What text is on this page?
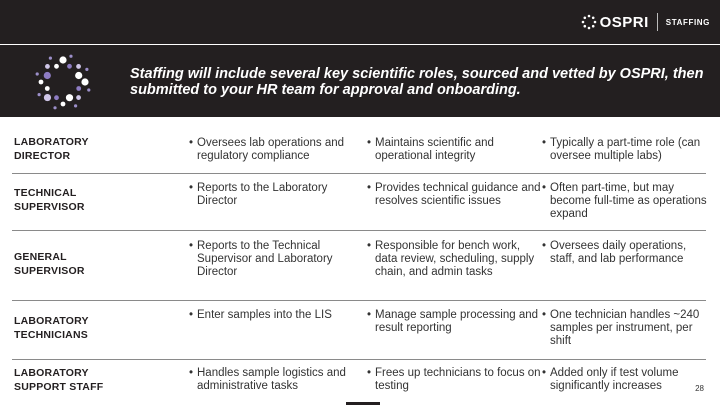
OSPRI STAFFING
Staffing will include several key scientific roles, sourced and vetted by OSPRI, then submitted to your HR team for approval and onboarding.
LABORATORY DIRECTOR
• Oversees lab operations and regulatory compliance
• Maintains scientific and operational integrity
• Typically a part-time role (can oversee multiple labs)
TECHNICAL SUPERVISOR
• Reports to the Laboratory Director
• Provides technical guidance and resolves scientific issues
• Often part-time, but may become full-time as operations expand
GENERAL SUPERVISOR
• Reports to the Technical Supervisor and Laboratory Director
• Responsible for bench work, data review, scheduling, supply chain, and admin tasks
• Oversees daily operations, staff, and lab performance
LABORATORY TECHNICIANS
• Enter samples into the LIS	• Manage sample processing and result reporting
• One technician handles ~240 samples per instrument, per shift
LABORATORY SUPPORT STAFF
• Handles sample logistics and administrative tasks
• Frees up technicians to focus on testing
• Added only if test volume significantly increases	28
